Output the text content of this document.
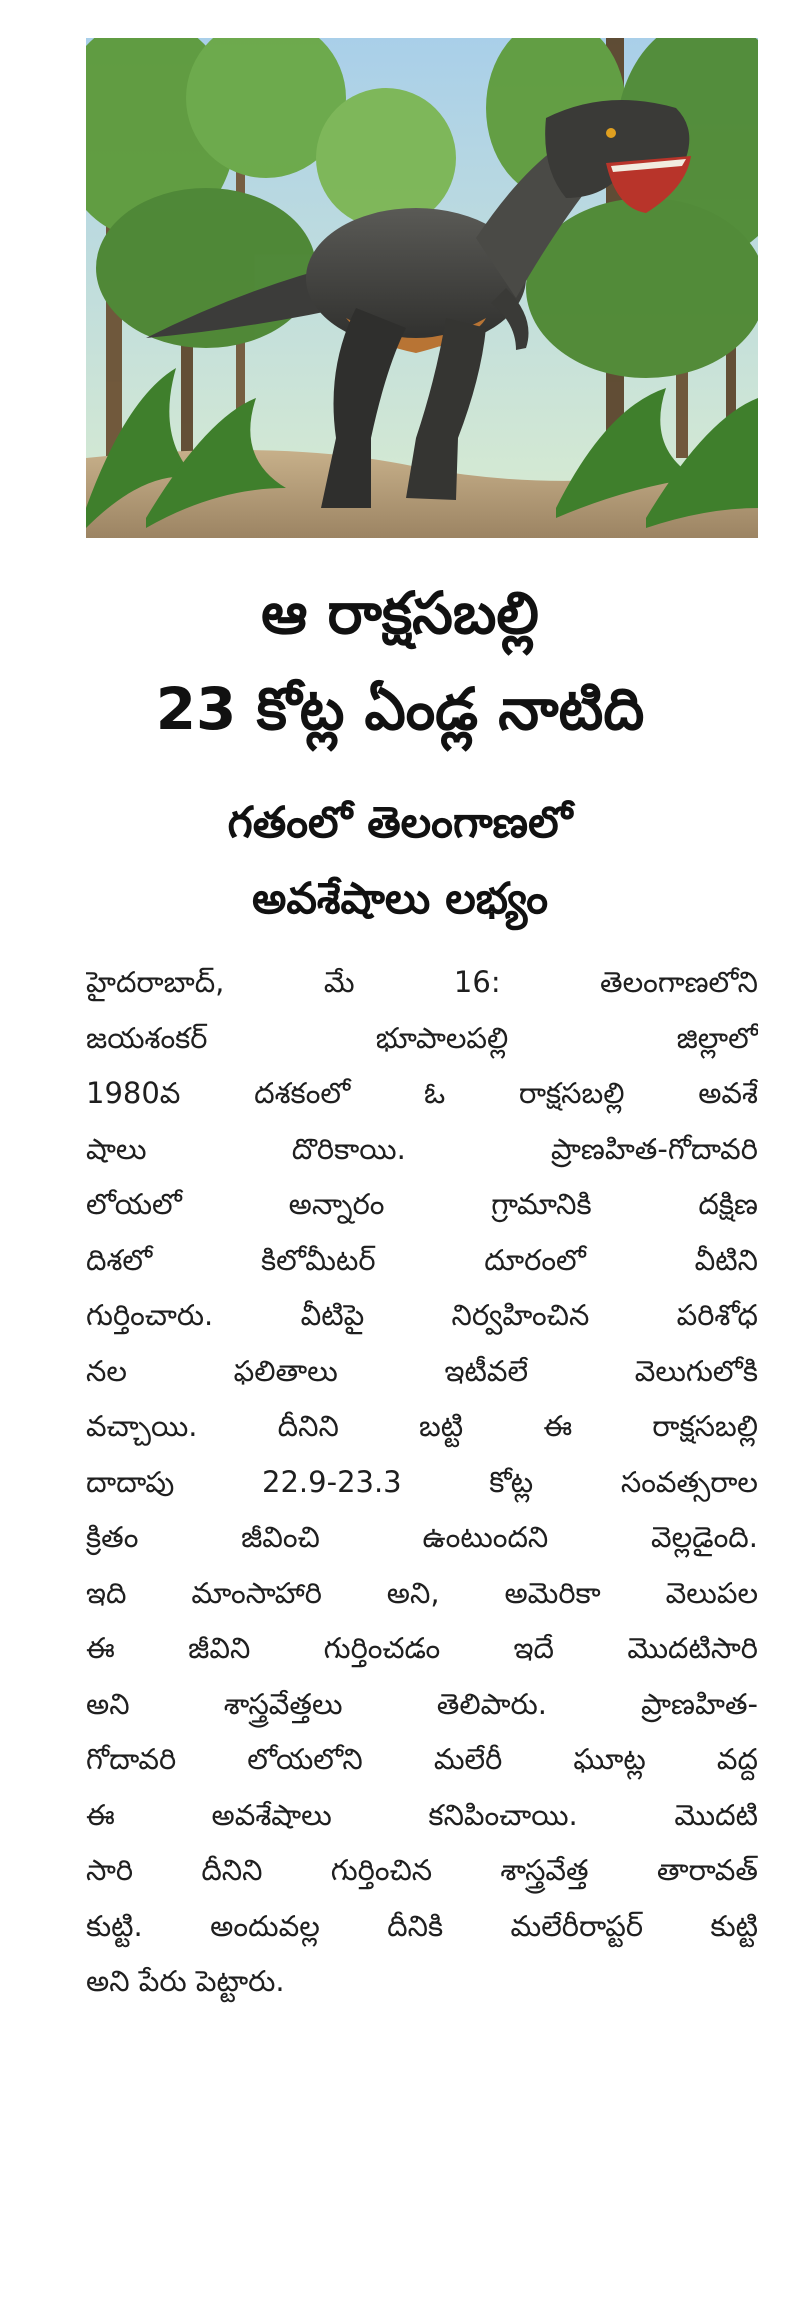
ఆ రాక్షసబల్లి
23 కోట్ల ఏండ్ల నాటిది
గతంలో తెలంగాణలో
అవశేషాలు లభ్యం
హైదరాబాద్, మే 16: తెలంగాణలోని
జయశంకర్ భూపాలపల్లి జిల్లాలో
1980వ దశకంలో ఓ రాక్షసబల్లి అవశే
షాలు దొరికాయి. ప్రాణహిత-గోదావరి
లోయలో అన్నారం గ్రామానికి దక్షిణ
దిశలో కిలోమీటర్ దూరంలో వీటిని
గుర్తించారు. వీటిపై నిర్వహించిన పరిశోధ
నల ఫలితాలు ఇటీవలే వెలుగులోకి
వచ్చాయి. దీనిని బట్టి ఈ రాక్షసబల్లి
దాదాపు 22.9-23.3 కోట్ల సంవత్సరాల
క్రితం జీవించి ఉంటుందని వెల్లడైంది.
ఇది మాంసాహారి అని, అమెరికా వెలుపల
ఈ జీవిని గుర్తించడం ఇదే మొదటిసారి
అని శాస్త్రవేత్తలు తెలిపారు. ప్రాణహిత-
గోదావరి లోయలోని మలేరీ ఘూట్ల వద్ద
ఈ అవశేషాలు కనిపించాయి. మొదటి
సారి దీనిని గుర్తించిన శాస్త్రవేత్త తారావత్
కుట్టి. అందువల్ల దీనికి మలేరీరాప్టర్ కుట్టి
అని పేరు పెట్టారు.
